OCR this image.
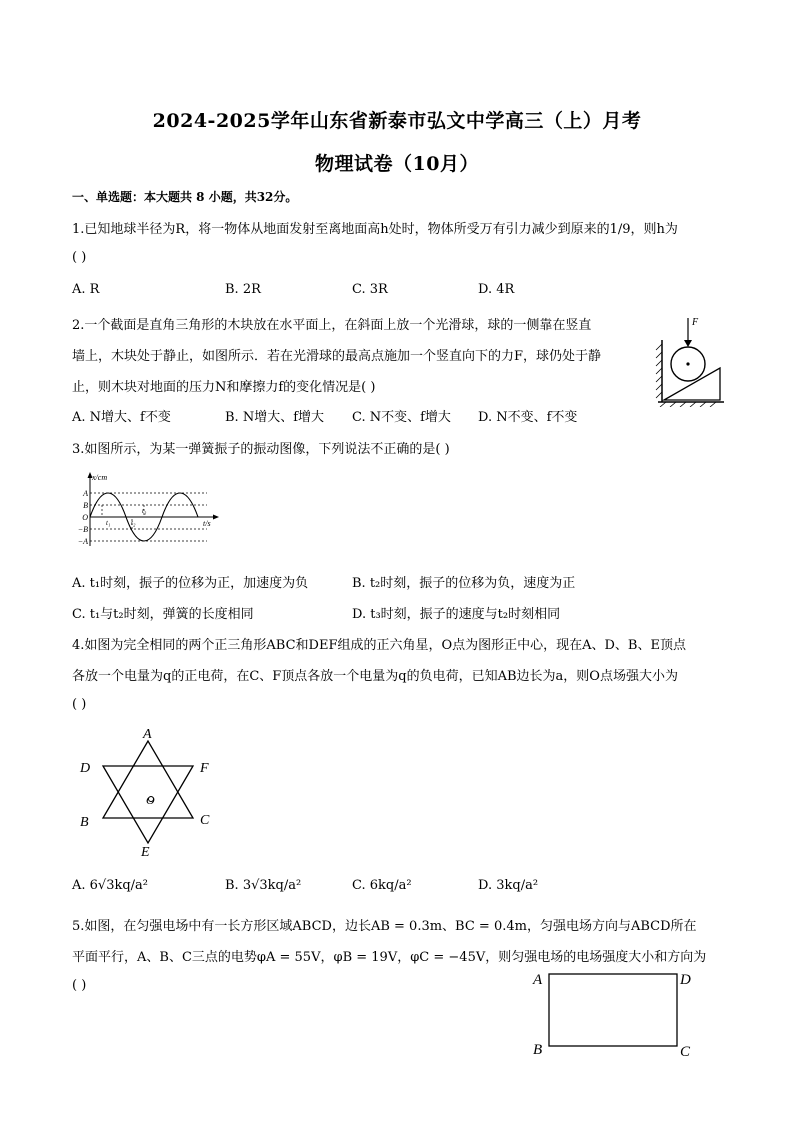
2024-2025学年山东省新泰市弘文中学高三（上）月考
物理试卷（10月）
一、单选题：本大题共 8 小题，共32分。
1.已知地球半径为R，将一物体从地面发射至离地面高h处时，物体所受万有引力减少到原来的1/9，则h为
( )
A. R	B. 2R	C. 3R	D. 4R
2.一个截面是直角三角形的木块放在水平面上，在斜面上放一个光滑球，球的一侧靠在竖直
墙上，木块处于静止，如图所示．若在光滑球的最高点施加一个竖直向下的力F，球仍处于静
止，则木块对地面的压力N和摩擦力f的变化情况是( )
A. N增大、f不变	B. N增大、f增大 C. N不变、f增大 D. N不变、f不变
F
3.如图所示，为某一弹簧振子的振动图像，下列说法不正确的是( )
x/cm
t/s
A
B
O
−B
−A
t₁	t₂
t₃
A. t₁时刻，振子的位移为正，加速度为负	B. t₂时刻，振子的位移为负，速度为正
C. t₁与t₂时刻，弹簧的长度相同	D. t₃时刻，振子的速度与t₂时刻相同
4.如图为完全相同的两个正三角形ABC和DEF组成的正六角星，O点为图形正中心，现在A、D、B、E顶点
各放一个电量为q的正电荷，在C、F顶点各放一个电量为q的负电荷，已知AB边长为a，则O点场强大小为
( )
A
D	F
B	C
E
O
A. 6√3kq/a²	B. 3√3kq/a²	C. 6kq/a²	D. 3kq/a²
5.如图，在匀强电场中有一长方形区域ABCD，边长AB = 0.3m、BC = 0.4m，匀强电场方向与ABCD所在
平面平行，A、B、C三点的电势φA = 55V，φB = 19V，φC = −45V，则匀强电场的电场强度大小和方向为
( )	A	D
B	C
